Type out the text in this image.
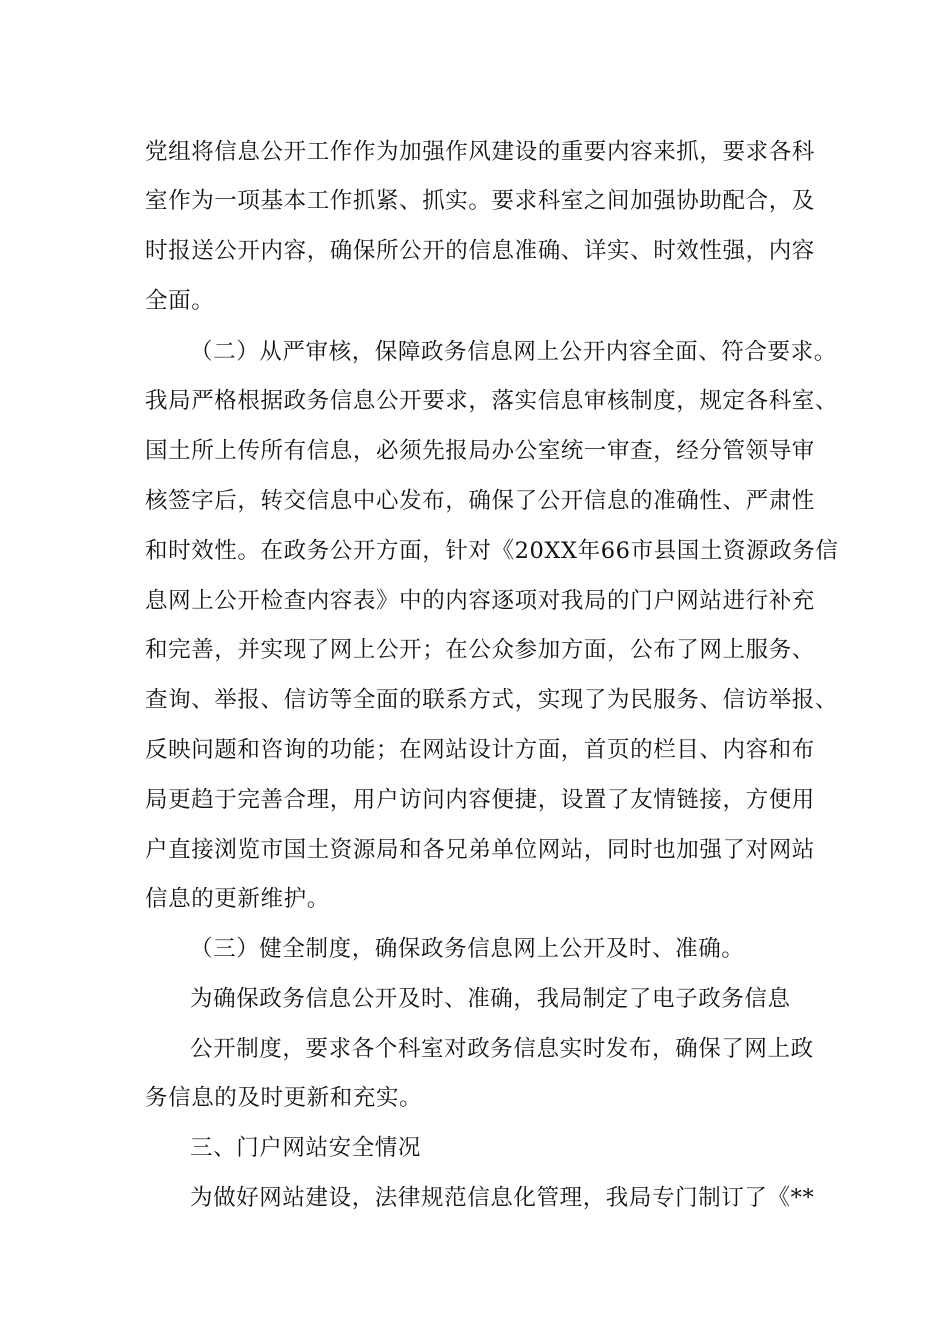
党组将信息公开工作作为加强作风建设的重要内容来抓，要求各科
室作为一项基本工作抓紧、抓实。要求科室之间加强协助配合，及
时报送公开内容，确保所公开的信息准确、详实、时效性强，内容
全面。
（二）从严审核，保障政务信息网上公开内容全面、符合要求。
我局严格根据政务信息公开要求，落实信息审核制度，规定各科室、
国土所上传所有信息，必须先报局办公室统一审查，经分管领导审
核签字后，转交信息中心发布，确保了公开信息的准确性、严肃性
和时效性。在政务公开方面，针对《20XX年66市县国土资源政务信
息网上公开检查内容表》中的内容逐项对我局的门户网站进行补充
和完善，并实现了网上公开；在公众参加方面，公布了网上服务、
查询、举报、信访等全面的联系方式，实现了为民服务、信访举报、
反映问题和咨询的功能；在网站设计方面，首页的栏目、内容和布
局更趋于完善合理，用户访问内容便捷，设置了友情链接，方便用
户直接浏览市国土资源局和各兄弟单位网站，同时也加强了对网站
信息的更新维护。
（三）健全制度，确保政务信息网上公开及时、准确。
为确保政务信息公开及时、准确，我局制定了电子政务信息
公开制度，要求各个科室对政务信息实时发布，确保了网上政
务信息的及时更新和充实。
三、门户网站安全情况
为做好网站建设，法律规范信息化管理，我局专门制订了《**
